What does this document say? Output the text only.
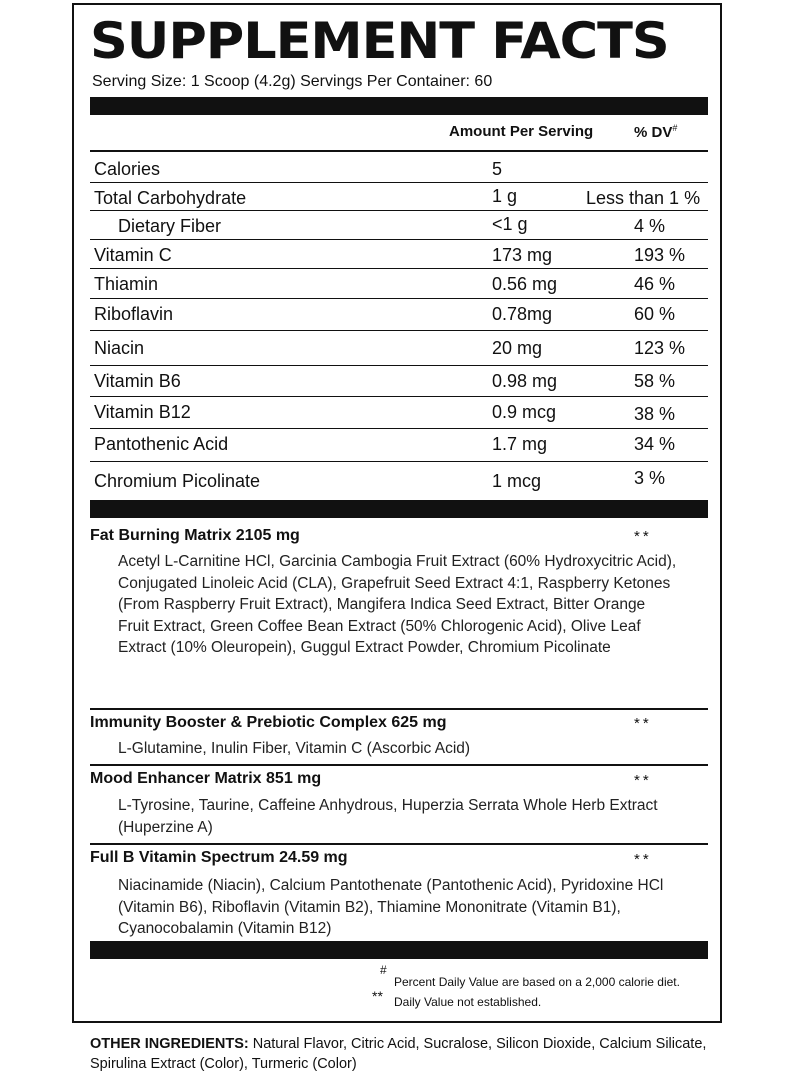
SUPPLEMENT FACTS
Serving Size: 1 Scoop (4.2g) Servings Per Container: 60
Amount Per Serving	% DV#
Calories	5
Total Carbohydrate	1 g	Less than 1 %
Dietary Fiber	<1 g	4 %
Vitamin C	173 mg	193 %
Thiamin	0.56 mg	46 %
Riboflavin	0.78mg	60 %
Niacin	20 mg	123 %
Vitamin B6	0.98 mg	58 %
Vitamin B12	0.9 mcg	38 %
Pantothenic Acid	1.7 mg	34 %
Chromium Picolinate	1 mcg	3 %
Fat Burning Matrix 2105 mg	**
Acetyl L-Carnitine HCl, Garcinia Cambogia Fruit Extract (60% Hydroxycitric Acid), Conjugated Linoleic Acid (CLA), Grapefruit Seed Extract 4:1, Raspberry Ketones (From Raspberry Fruit Extract), Mangifera Indica Seed Extract, Bitter Orange Fruit Extract, Green Coffee Bean Extract (50% Chlorogenic Acid), Olive Leaf Extract (10% Oleuropein), Guggul Extract Powder, Chromium Picolinate
Immunity Booster & Prebiotic Complex 625 mg	**
L-Glutamine, Inulin Fiber, Vitamin C (Ascorbic Acid)
Mood Enhancer Matrix 851 mg	**
L-Tyrosine, Taurine, Caffeine Anhydrous, Huperzia Serrata Whole Herb Extract (Huperzine A)
Full B Vitamin Spectrum 24.59 mg	**
Niacinamide (Niacin), Calcium Pantothenate (Pantothenic Acid), Pyridoxine HCl (Vitamin B6), Riboflavin (Vitamin B2), Thiamine Mononitrate (Vitamin B1), Cyanocobalamin (Vitamin B12)
#
Percent Daily Value are based on a 2,000 calorie diet.
** Daily Value not established.
OTHER INGREDIENTS: Natural Flavor, Citric Acid, Sucralose, Silicon Dioxide, Calcium Silicate, Spirulina Extract (Color), Turmeric (Color)
